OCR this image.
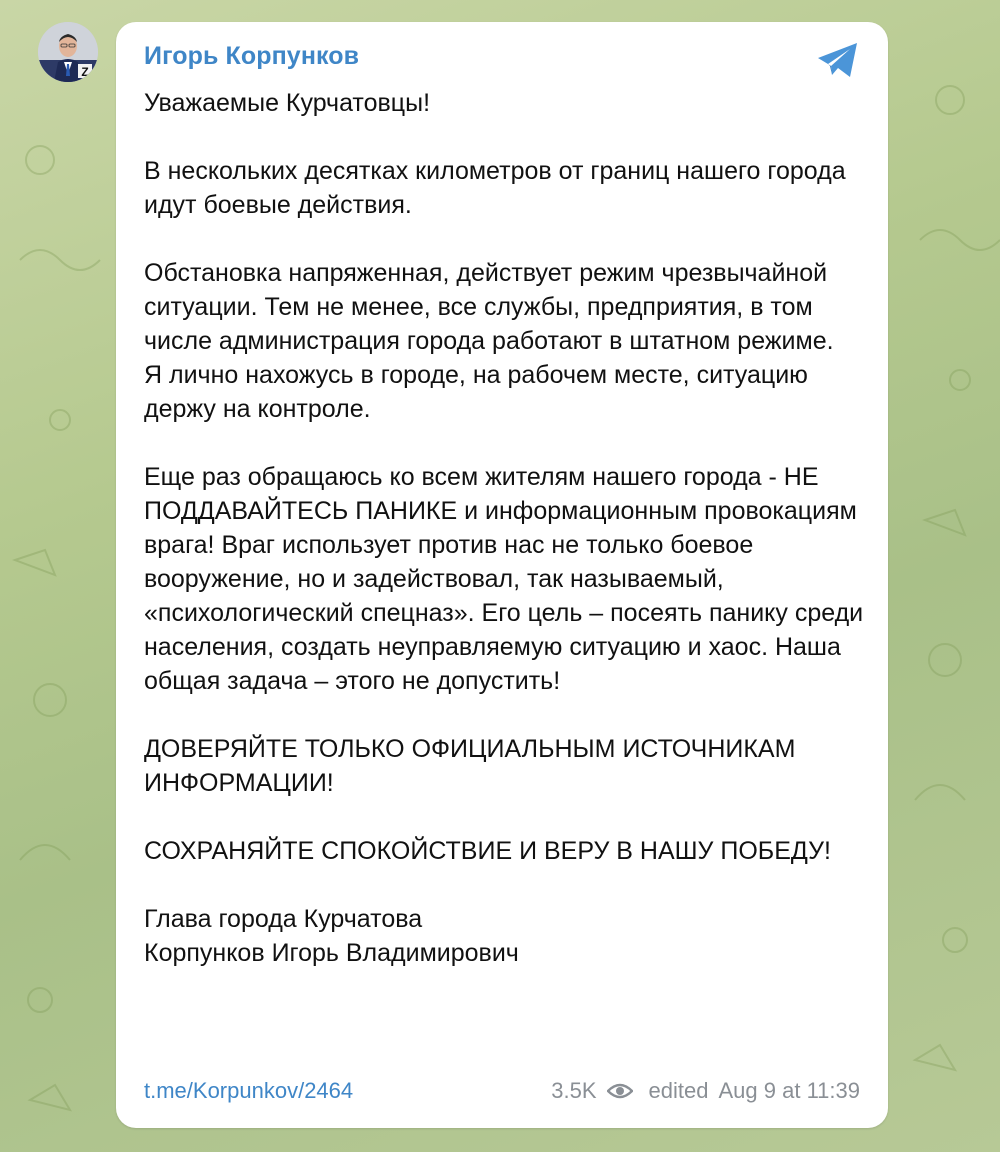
Z
Игорь Корпунков

Уважаемые Курчатовцы!

В нескольких десятках километров от границ нашего города идут боевые действия.

Обстановка напряженная, действует режим чрезвычайной ситуации. Тем не менее, все службы, предприятия, в том числе администрация города работают в штатном режиме.
Я лично нахожусь в городе, на рабочем месте, ситуацию держу на контроле.

Еще раз обращаюсь ко всем жителям нашего города - НЕ ПОДДАВАЙТЕСЬ ПАНИКЕ и информационным провокациям врага! Враг использует против нас не только боевое вооружение, но и задействовал, так называемый, «психологический спецназ». Его цель – посеять панику среди населения, создать неуправляемую ситуацию и хаос. Наша общая задача – этого не допустить!

ДОВЕРЯЙТЕ ТОЛЬКО ОФИЦИАЛЬНЫМ ИСТОЧНИКАМ ИНФОРМАЦИИ!

СОХРАНЯЙТЕ СПОКОЙСТВИЕ И ВЕРУ В НАШУ ПОБЕДУ!

Глава города Курчатова
Корпунков Игорь Владимирович

t.me/Korpunkov/2464	3.5K edited Aug 9 at 11:39
